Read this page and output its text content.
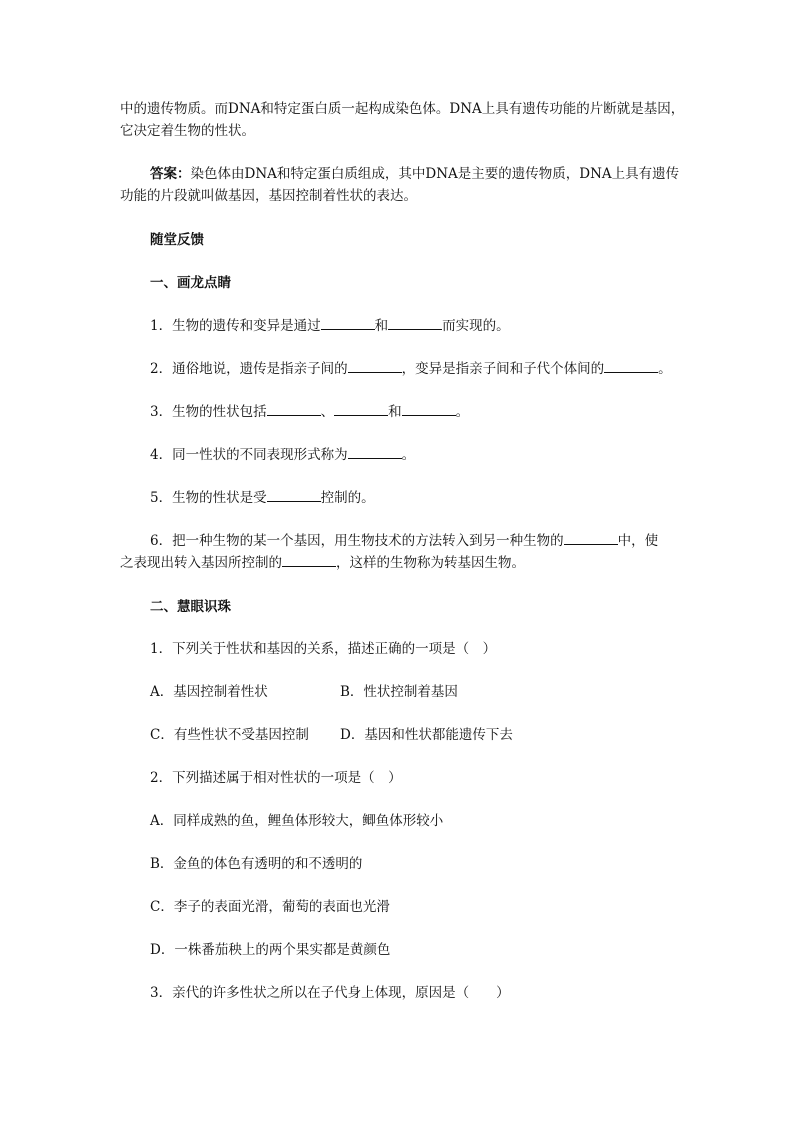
中的遗传物质。而DNA和特定蛋白质一起构成染色体。DNA上具有遗传功能的片断就是基因，
它决定着生物的性状。
答案：染色体由DNA和特定蛋白质组成，其中DNA是主要的遗传物质，DNA上具有遗传
功能的片段就叫做基因，基因控制着性状的表达。
随堂反馈
一、画龙点睛
1．生物的遗传和变异是通过	和	而实现的。
2．通俗地说，遗传是指亲子间的	，变异是指亲子间和子代个体间的	。
3．生物的性状包括	、	和	。
4．同一性状的不同表现形式称为	。
5．生物的性状是受	控制的。
6．把一种生物的某一个基因，用生物技术的方法转入到另一种生物的	中，使
之表现出转入基因所控制的	，这样的生物称为转基因生物。
二、慧眼识珠
1．下列关于性状和基因的关系，描述正确的一项是（　）
A．基因控制着性状	B．性状控制着基因
C．有些性状不受基因控制 D．基因和性状都能遗传下去
2．下列描述属于相对性状的一项是（　）
A．同样成熟的鱼，鲤鱼体形较大，鲫鱼体形较小
B．金鱼的体色有透明的和不透明的
C．李子的表面光滑，葡萄的表面也光滑
D．一株番茄秧上的两个果实都是黄颜色
3．亲代的许多性状之所以在子代身上体现，原因是（　　）
